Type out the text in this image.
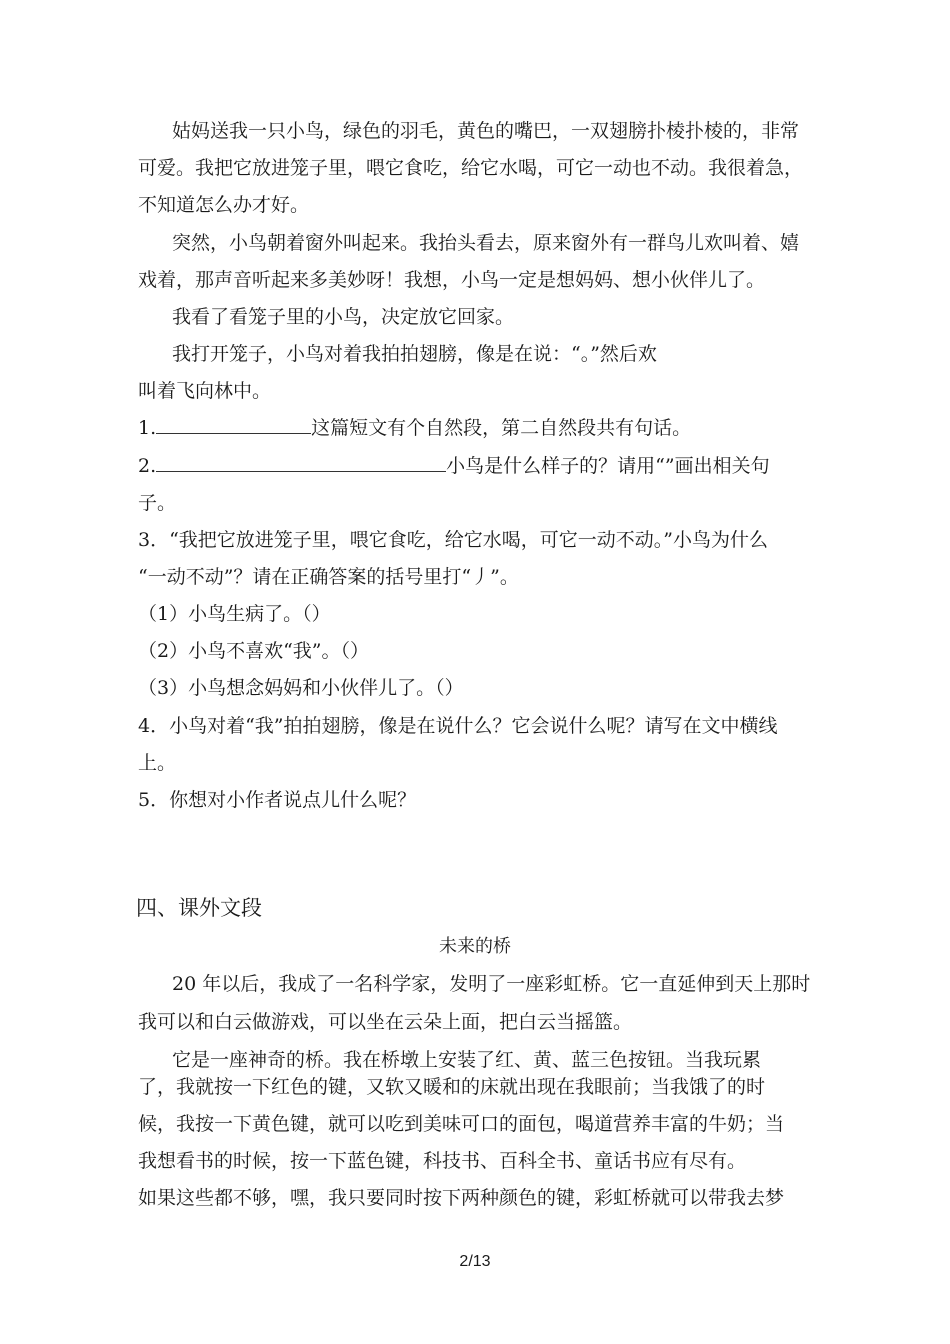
姑妈送我一只小鸟，绿色的羽毛，黄色的嘴巴，一双翅膀扑棱扑棱的，非常
可爱。我把它放进笼子里，喂它食吃，给它水喝，可它一动也不动。我很着急，
不知道怎么办才好。
突然，小鸟朝着窗外叫起来。我抬头看去，原来窗外有一群鸟儿欢叫着、嬉
戏着，那声音听起来多美妙呀！我想，小鸟一定是想妈妈、想小伙伴儿了。
我看了看笼子里的小鸟，决定放它回家。
我打开笼子，小鸟对着我拍拍翅膀，像是在说：“。”然后欢
叫着飞向林中。
1.	这篇短文有个自然段，第二自然段共有句话。
2.	小鸟是什么样子的？请用“”画出相关句
子。
3．“我把它放进笼子里，喂它食吃，给它水喝，可它一动不动。”小鸟为什么
“一动不动”？请在正确答案的括号里打“丿”。
（1）小鸟生病了。（）
（2）小鸟不喜欢“我”。（）
（3）小鸟想念妈妈和小伙伴儿了。（）
4．小鸟对着“我”拍拍翅膀，像是在说什么？它会说什么呢？请写在文中横线
上。
5．你想对小作者说点儿什么呢？
四、课外文段
未来的桥
20 年以后，我成了一名科学家，发明了一座彩虹桥。它一直延伸到天上那时
我可以和白云做游戏，可以坐在云朵上面，把白云当摇篮。
它是一座神奇的桥。我在桥墩上安装了红、黄、蓝三色按钮。当我玩累
了，我就按一下红色的键，又软又暖和的床就出现在我眼前；当我饿了的时
候，我按一下黄色键，就可以吃到美味可口的面包，喝道营养丰富的牛奶；当
我想看书的时候，按一下蓝色键，科技书、百科全书、童话书应有尽有。
如果这些都不够，嘿，我只要同时按下两种颜色的键，彩虹桥就可以带我去梦
2/13
